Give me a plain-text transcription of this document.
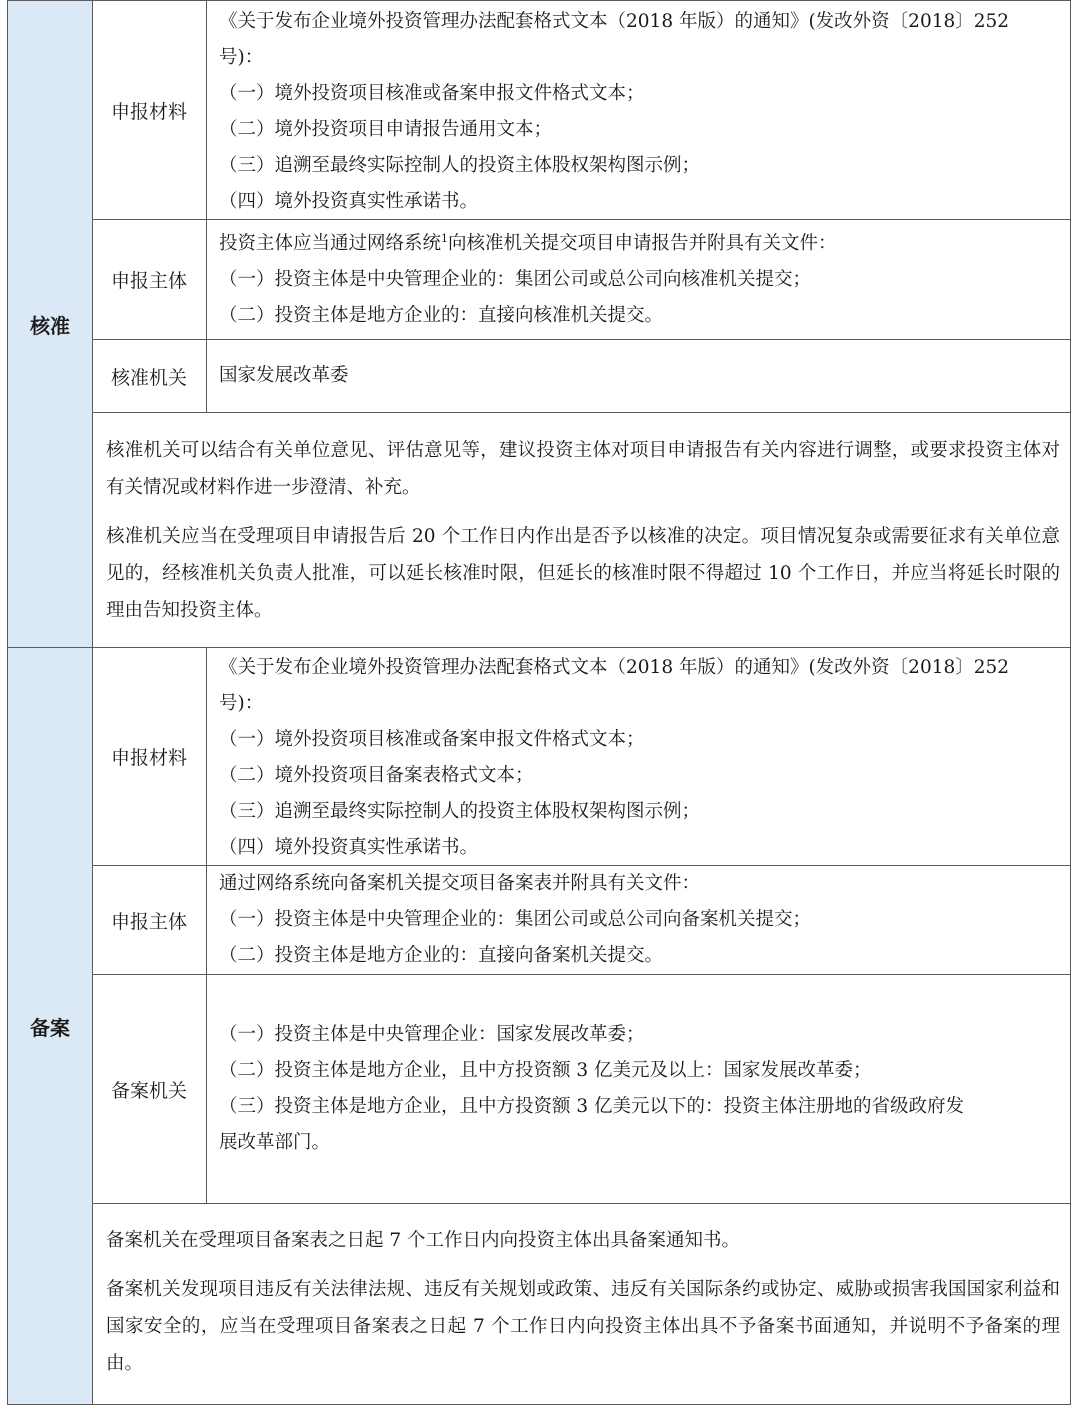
核准
申报材料
《关于发布企业境外投资管理办法配套格式文本（2018 年版）的通知》(发改外资〔2018〕252
号)：
（一）境外投资项目核准或备案申报文件格式文本；
（二）境外投资项目申请报告通用文本；
（三）追溯至最终实际控制人的投资主体股权架构图示例；
（四）境外投资真实性承诺书。
申报主体
投资主体应当通过网络系统$^1$向核准机关提交项目申请报告并附具有关文件：
（一）投资主体是中央管理企业的：集团公司或总公司向核准机关提交；
（二）投资主体是地方企业的：直接向核准机关提交。
核准机关	国家发展改革委

核准机关可以结合有关单位意见、评估意见等，建议投资主体对项目申请报告有关内容进行调整，或要求投资主体对有关情况或材料作进一步澄清、补充。

核准机关应当在受理项目申请报告后 20 个工作日内作出是否予以核准的决定。项目情况复杂或需要征求有关单位意见的，经核准机关负责人批准，可以延长核准时限，但延长的核准时限不得超过 10 个工作日，并应当将延长时限的理由告知投资主体。

备案
申报材料
《关于发布企业境外投资管理办法配套格式文本（2018 年版）的通知》(发改外资〔2018〕252
号)：
（一）境外投资项目核准或备案申报文件格式文本；
（二）境外投资项目备案表格式文本；
（三）追溯至最终实际控制人的投资主体股权架构图示例；
（四）境外投资真实性承诺书。
申报主体
通过网络系统向备案机关提交项目备案表并附具有关文件：
（一）投资主体是中央管理企业的：集团公司或总公司向备案机关提交；
（二）投资主体是地方企业的：直接向备案机关提交。
备案机关
（一）投资主体是中央管理企业：国家发展改革委；
（二）投资主体是地方企业，且中方投资额 3 亿美元及以上：国家发展改革委；
（三）投资主体是地方企业，且中方投资额 3 亿美元以下的：投资主体注册地的省级政府发
展改革部门。

备案机关在受理项目备案表之日起 7 个工作日内向投资主体出具备案通知书。

备案机关发现项目违反有关法律法规、违反有关规划或政策、违反有关国际条约或协定、威胁或损害我国国家利益和国家安全的，应当在受理项目备案表之日起 7 个工作日内向投资主体出具不予备案书面通知，并说明不予备案的理由。
